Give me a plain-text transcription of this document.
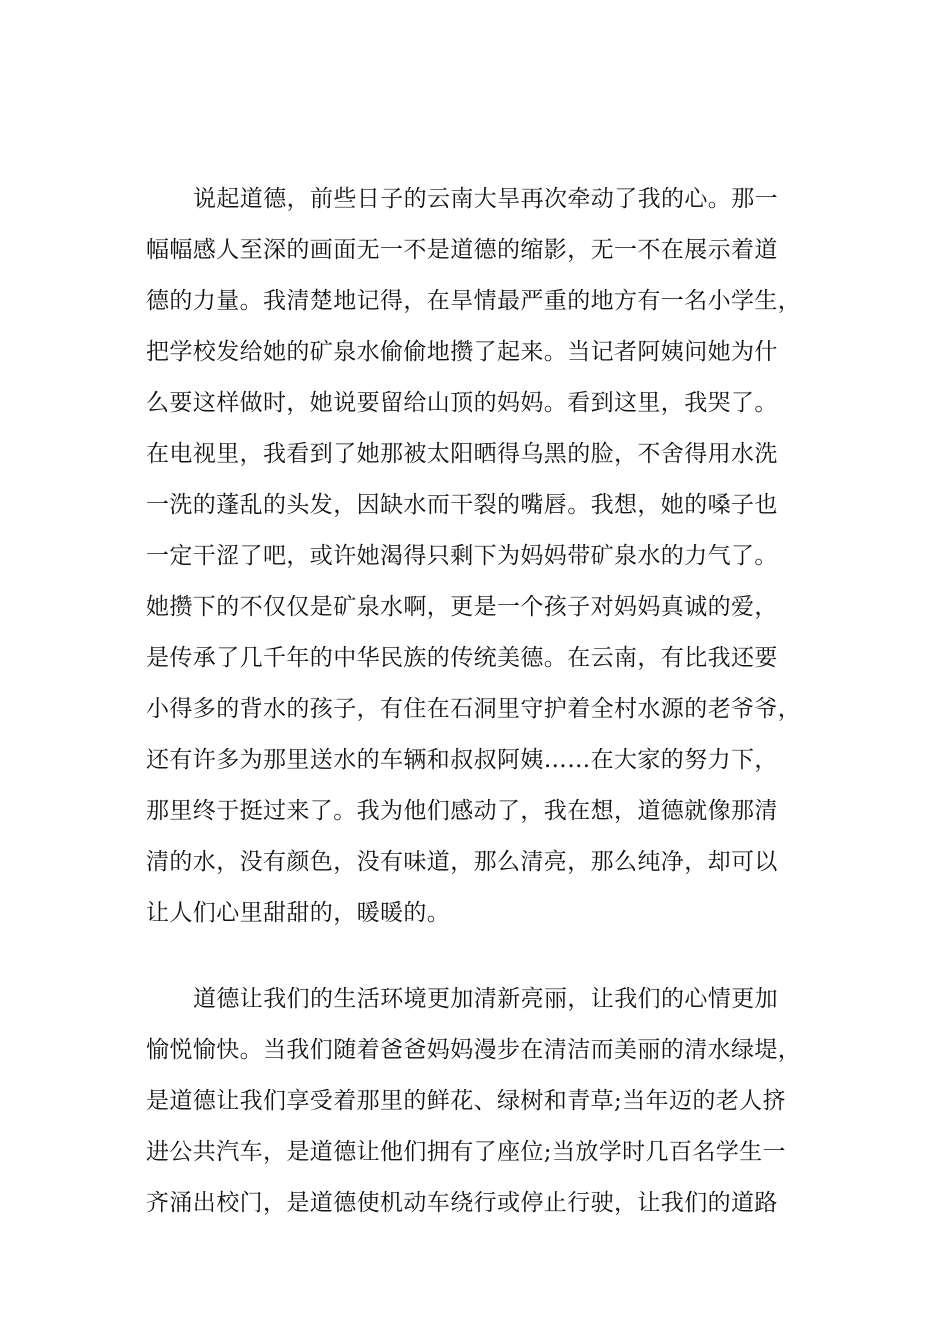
说起道德，前些日子的云南大旱再次牵动了我的心。那一
幅幅感人至深的画面无一不是道德的缩影，无一不在展示着道
德的力量。我清楚地记得，在旱情最严重的地方有一名小学生，
把学校发给她的矿泉水偷偷地攒了起来。当记者阿姨问她为什
么要这样做时，她说要留给山顶的妈妈。看到这里，我哭了。
在电视里，我看到了她那被太阳晒得乌黑的脸，不舍得用水洗
一洗的蓬乱的头发，因缺水而干裂的嘴唇。我想，她的嗓子也
一定干涩了吧，或许她渴得只剩下为妈妈带矿泉水的力气了。
她攒下的不仅仅是矿泉水啊，更是一个孩子对妈妈真诚的爱，
是传承了几千年的中华民族的传统美德。在云南，有比我还要
小得多的背水的孩子，有住在石洞里守护着全村水源的老爷爷，
还有许多为那里送水的车辆和叔叔阿姨……在大家的努力下，
那里终于挺过来了。我为他们感动了，我在想，道德就像那清
清的水，没有颜色，没有味道，那么清亮，那么纯净，却可以
让人们心里甜甜的，暖暖的。
道德让我们的生活环境更加清新亮丽，让我们的心情更加
愉悦愉快。当我们随着爸爸妈妈漫步在清洁而美丽的清水绿堤，
是道德让我们享受着那里的鲜花、绿树和青草;当年迈的老人挤
进公共汽车，是道德让他们拥有了座位;当放学时几百名学生一
齐涌出校门，是道德使机动车绕行或停止行驶，让我们的道路
